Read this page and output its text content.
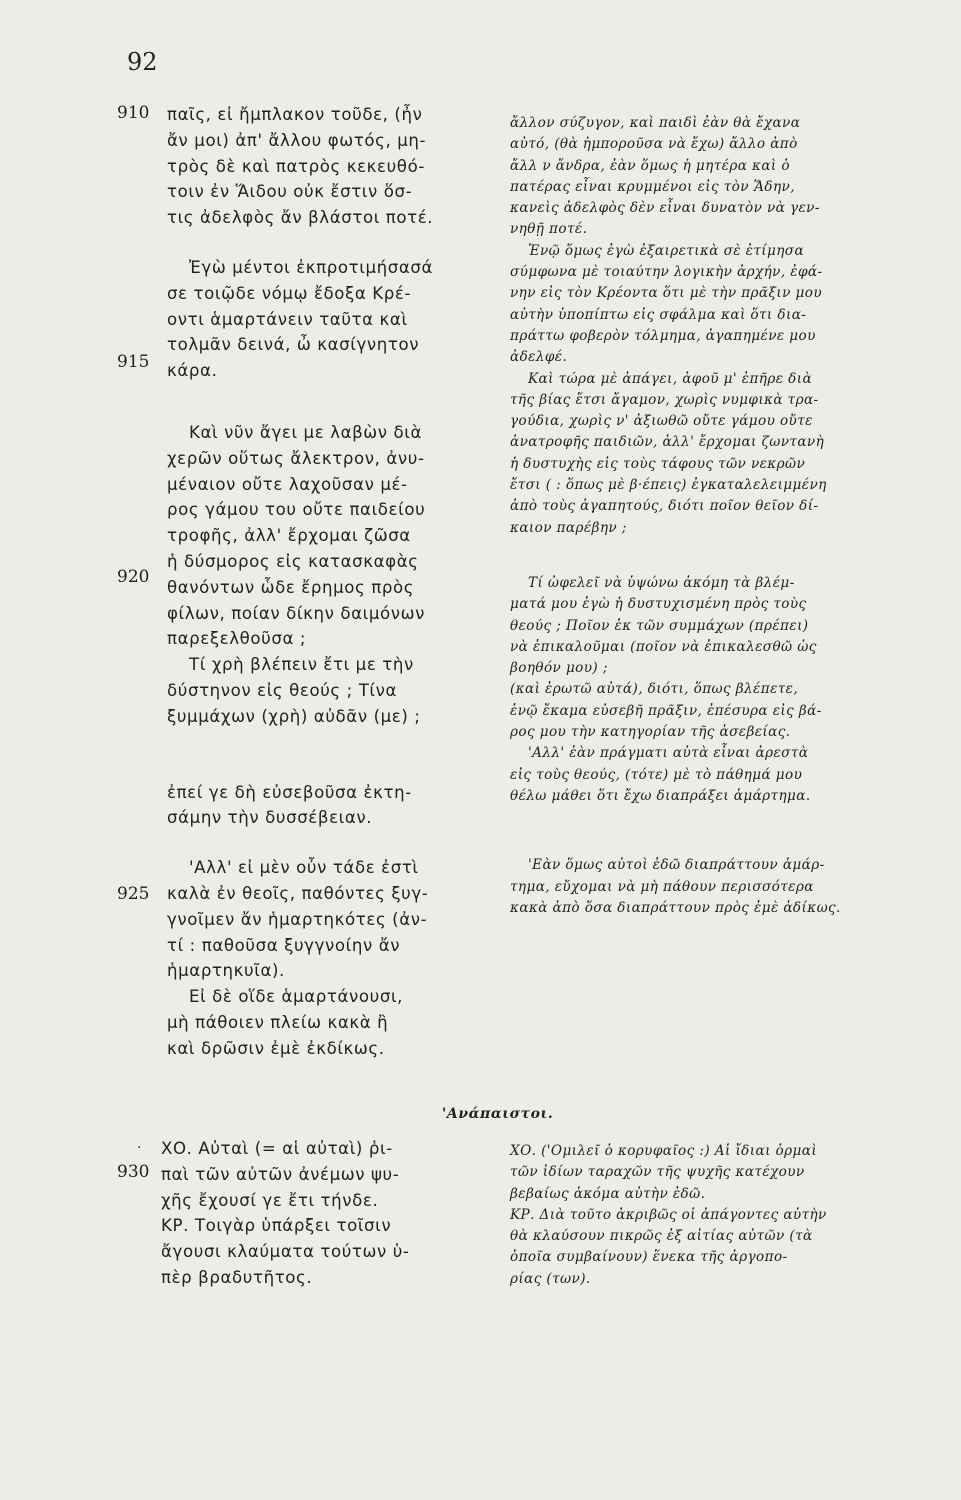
92
910
915
920
925
930
παῖς, εἰ ἤμπλακον τοῦδε, (ἦν
ἄν μοι) ἀπ' ἄλλου φωτός, μη-
τρὸς δὲ καὶ πατρὸς κεκευθό-
τοιν ἐν Ἅιδου οὐκ ἔστιν ὅσ-
τις ἀδελφὸς ἄν βλάστοι ποτέ.
Ἐγὼ μέντοι ἐκπροτιμήσασά
σε τοιῷδε νόμῳ ἔδοξα Κρέ-
οντι ἁμαρτάνειν ταῦτα καὶ
τολμᾶν δεινά, ὦ κασίγνητον
κάρα.
Καὶ νῦν ἄγει με λαβὼν διὰ
χερῶν οὕτως ἄλεκτρον, ἀνυ-
μέναιον οὔτε λαχοῦσαν μέ-
ρος γάμου του οὔτε παιδείου
τροφῆς, ἀλλ' ἔρχομαι ζῶσα
ἡ δύσμορος εἰς κατασκαφὰς
θανόντων ὧδε ἔρημος πρὸς
φίλων, ποίαν δίκην δαιμόνων
παρεξελθοῦσα ;
Τί χρὴ βλέπειν ἔτι με τὴν
δύστηνον εἰς θεούς ; Τίνα
ξυμμάχων (χρὴ) αὐδᾶν (με) ;
ἐπεί γε δὴ εὐσεβοῦσα ἐκτη-
σάμην τὴν δυσσέβειαν.
'Αλλ' εἰ μὲν οὖν τάδε ἐστὶ
καλὰ ἐν θεοῖς, παθόντες ξυγ-
γνοῖμεν ἄν ἡμαρτηκότες (ἀν-
τί : παθοῦσα ξυγγνοίην ἄν
ἡμαρτηκυῖα).
Εἰ δὲ οἵδε ἁμαρτάνουσι,
μὴ πάθοιεν πλείω κακὰ ἢ
καὶ δρῶσιν ἐμὲ ἐκδίκως.
ἄλλον σύζυγον, καὶ παιδὶ ἐὰν θὰ ἔχανα
αὐτό, (θὰ ἠμποροῦσα νὰ ἔχω) ἄλλο ἀπὸ
ἄλλ ν ἄνδρα, ἐὰν ὅμως ἡ μητέρα καὶ ὁ
πατέρας εἶναι κρυμμένοι εἰς τὸν Ἅδην,
κανεὶς ἀδελφὸς δὲν εἶναι δυνατὸν νὰ γεν-
νηθῇ ποτέ.
Ἐνῷ ὅμως ἐγὼ ἐξαιρετικὰ σὲ ἐτίμησα
σύμφωνα μὲ τοιαύτην λογικὴν ἀρχήν, ἐφά-
νην εἰς τὸν Κρέοντα ὅτι μὲ τὴν πρᾶξιν μου
αὐτὴν ὑποπίπτω εἰς σφάλμα καὶ ὅτι δια-
πράττω φοβερὸν τόλμημα, ἀγαπημένε μου
ἀδελφέ.
Καὶ τώρα μὲ ἀπάγει, ἀφοῦ μ' ἐπῆρε διὰ
τῆς βίας ἔτσι ἄγαμον, χωρὶς νυμφικὰ τρα-
γούδια, χωρὶς ν' ἀξιωθῶ οὔτε γάμου οὔτε
ἀνατροφῆς παιδιῶν, ἀλλ' ἔρχομαι ζωντανὴ
ἡ δυστυχὴς εἰς τοὺς τάφους τῶν νεκρῶν
ἔτσι ( : ὅπως μὲ β·έπεις) ἐγκαταλελειμμένη
ἀπὸ τοὺς ἀγαπητούς, διότι ποῖον θεῖον δί-
καιον παρέβην ;
Τί ὠφελεῖ νὰ ὑψώνω ἀκόμη τὰ βλέμ-
ματά μου ἐγὼ ἡ δυστυχισμένη πρὸς τοὺς
θεούς ; Ποῖον ἐκ τῶν συμμάχων (πρέπει)
νὰ ἐπικαλοῦμαι (ποῖον νὰ ἐπικαλεσθῶ ὡς
βοηθόν μου) ;
(καὶ ἐρωτῶ αὐτά), διότι, ὅπως βλέπετε,
ἐνῷ ἔκαμα εὐσεβῆ πρᾶξιν, ἐπέσυρα εἰς βά-
ρος μου τὴν κατηγορίαν τῆς ἀσεβείας.
'Αλλ' ἐὰν πράγματι αὐτὰ εἶναι ἀρεστὰ
εἰς τοὺς θεούς, (τότε) μὲ τὸ πάθημά μου
θέλω μάθει ὅτι ἔχω διαπράξει ἁμάρτημα.
'Εὰν ὅμως αὐτοὶ ἐδῶ διαπράττουν ἁμάρ-
τημα, εὔχομαι νὰ μὴ πάθουν περισσότερα
κακὰ ἀπὸ ὅσα διαπράττουν πρὸς ἐμὲ ἀδίκως.
'Ανάπαιστοι.
· ΧΟ. Αὐταὶ (= αἱ αὐταὶ) ῥι-
παὶ τῶν αὐτῶν ἀνέμων ψυ-
χῆς ἔχουσί γε ἔτι τήνδε.
ΚΡ. Τοιγὰρ ὑπάρξει τοῖσιν
ἄγουσι κλαύματα τούτων ὑ-
πὲρ βραδυτῆτος.
ΧΟ. ('Ομιλεῖ ὁ κορυφαῖος :) Αἱ ἴδιαι ὁρμαὶ
τῶν ἰδίων ταραχῶν τῆς ψυχῆς κατέχουν
βεβαίως ἀκόμα αὐτὴν ἐδῶ.
ΚΡ. Διὰ τοῦτο ἀκριβῶς οἱ ἀπάγοντες αὐτὴν
θὰ κλαύσουν πικρῶς ἐξ αἰτίας αὐτῶν (τὰ
ὁποῖα συμβαίνουν) ἕνεκα τῆς ἀργοπο-
ρίας (των).
